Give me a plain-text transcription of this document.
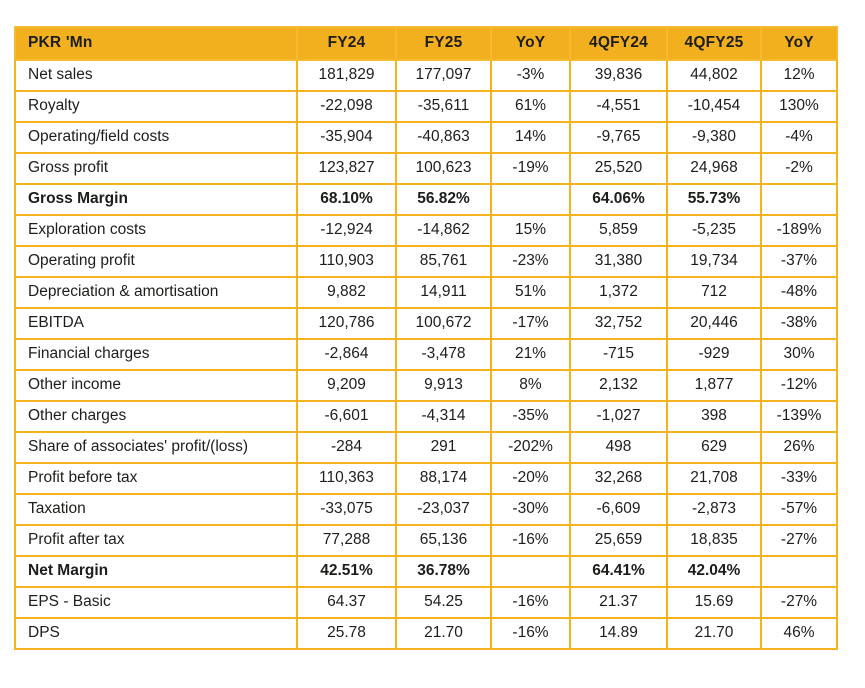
PKR 'Mn	FY24	FY25	YoY	4QFY24	4QFY25	YoY
Net sales	181,829	177,097	-3%	39,836	44,802	12%
Royalty	-22,098	-35,611	61%	-4,551	-10,454	130%
Operating/field costs	-35,904	-40,863	14%	-9,765	-9,380	-4%
Gross profit	123,827	100,623	-19%	25,520	24,968	-2%
Gross Margin	68.10%	56.82%		64.06%	55.73%	
Exploration costs	-12,924	-14,862	15%	5,859	-5,235	-189%
Operating profit	110,903	85,761	-23%	31,380	19,734	-37%
Depreciation & amortisation	9,882	14,911	51%	1,372	712	-48%
EBITDA	120,786	100,672	-17%	32,752	20,446	-38%
Financial charges	-2,864	-3,478	21%	-715	-929	30%
Other income	9,209	9,913	8%	2,132	1,877	-12%
Other charges	-6,601	-4,314	-35%	-1,027	398	-139%
Share of associates' profit/(loss)	-284	291	-202%	498	629	26%
Profit before tax	110,363	88,174	-20%	32,268	21,708	-33%
Taxation	-33,075	-23,037	-30%	-6,609	-2,873	-57%
Profit after tax	77,288	65,136	-16%	25,659	18,835	-27%
Net Margin	42.51%	36.78%		64.41%	42.04%	
EPS - Basic	64.37	54.25	-16%	21.37	15.69	-27%
DPS	25.78	21.70	-16%	14.89	21.70	46%
